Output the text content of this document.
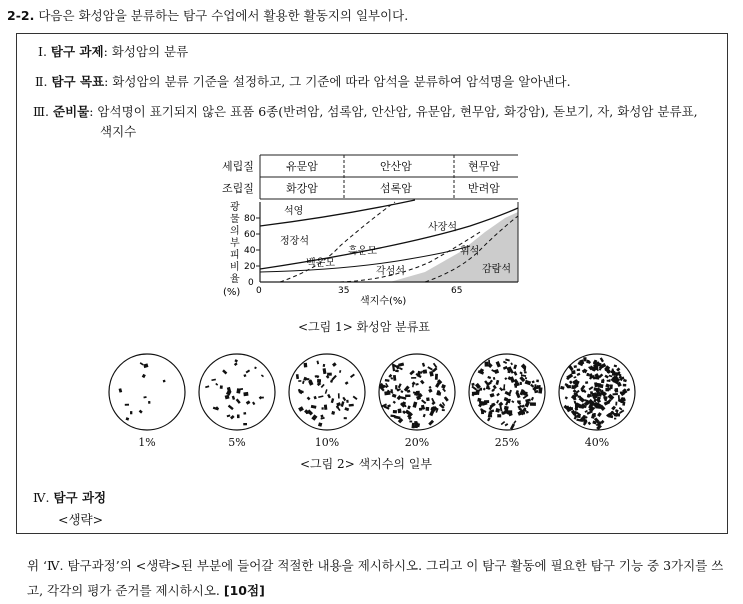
2-2. 다음은 화성암을 분류하는 탐구 수업에서 활용한 활동지의 일부이다.
Ⅰ. 탐구 과제: 화성암의 분류
Ⅱ. 탐구 목표: 화성암의 분류 기준을 설정하고, 그 기준에 따라 암석을 분류하여 암석명을 알아낸다.
Ⅲ. 준비물: 암석명이 표기되지 않은 표품 6종(반려암, 섬록암, 안산암, 유문암, 현무암, 화강암), 돋보기, 자, 화성암 분류표,
색지수
세립질
조립질
유문암	안산암	현무암
화강암	섬록암	반려암
0
20
40
60
80
광
물
의
부
피
비
율
(%) 0	35	65
색지수(%)
석영
정장석
흑운모
백운모
사장석
각섬석
휘석
감람석
<그림 1> 화성암 분류표
1%	5%	10%	20%	25%	40%
<그림 2> 색지수의 일부
Ⅳ. 탐구 과정
<생략>
위 ‘Ⅳ. 탐구과정’의 <생략>된 부분에 들어갈 적절한 내용을 제시하시오. 그리고 이 탐구 활동에 필요한 탐구 기능 중 3가지를 쓰고, 각각의 평가 준거를 제시하시오. [10점]
